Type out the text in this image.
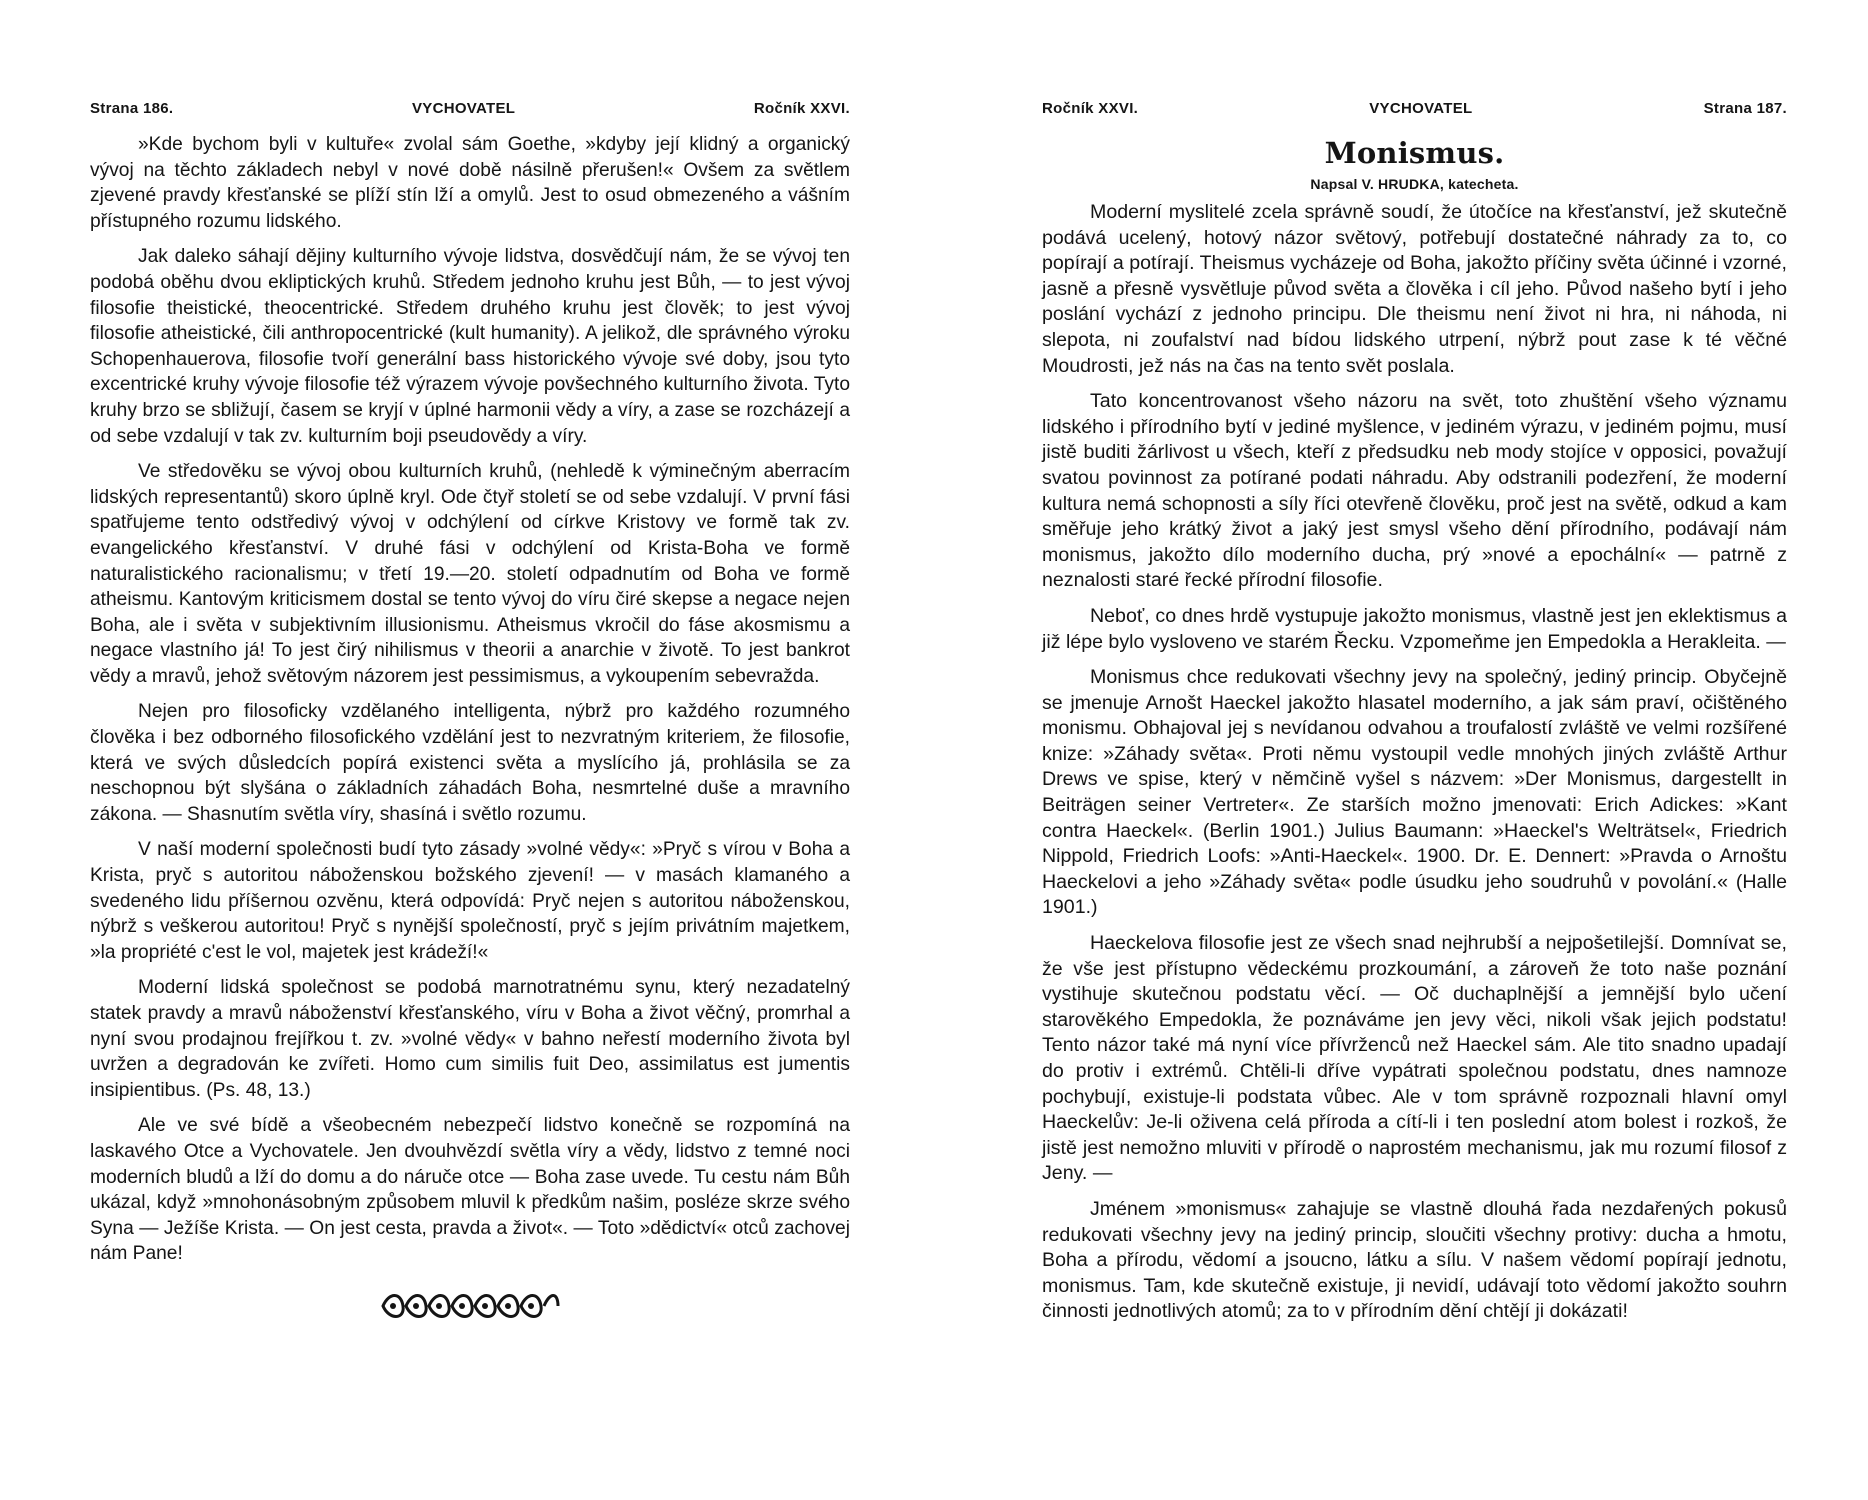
Strana 186.	VYCHOVATEL	Ročník XXVI.

»Kde bychom byli v kultuře« zvolal sám Goethe, »kdyby její klidný a organický vývoj na těchto základech nebyl v nové době násilně přerušen!« Ovšem za světlem zjevené pravdy křesťanské se plíží stín lží a omylů. Jest to osud obmezeného a vášním přístupného rozumu lidského.

Jak daleko sáhají dějiny kulturního vývoje lidstva, dosvědčují nám, že se vývoj ten podobá oběhu dvou ekliptických kruhů. Středem jednoho kruhu jest Bůh, — to jest vývoj filosofie theistické, theocentrické. Středem druhého kruhu jest člověk; to jest vývoj filosofie atheistické, čili anthropocentrické (kult humanity). A jelikož, dle správného výroku Schopenhauerova, filosofie tvoří generální bass historického vývoje své doby, jsou tyto excentrické kruhy vývoje filosofie též výrazem vývoje povšechného kulturního života. Tyto kruhy brzo se sbližují, časem se kryjí v úplné harmonii vědy a víry, a zase se rozcházejí a od sebe vzdalují v tak zv. kulturním boji pseudovědy a víry.

Ve středověku se vývoj obou kulturních kruhů, (nehledě k výminečným aberracím lidských representantů) skoro úplně kryl. Ode čtyř století se od sebe vzdalují. V první fási spatřujeme tento odstředivý vývoj v odchýlení od církve Kristovy ve formě tak zv. evangelického křesťanství. V druhé fási v odchýlení od Krista-Boha ve formě naturalistického racionalismu; v třetí 19.—20. století odpadnutím od Boha ve formě atheismu. Kantovým kriticismem dostal se tento vývoj do víru čiré skepse a negace nejen Boha, ale i světa v subjektivním illusionismu. Atheismus vkročil do fáse akosmismu a negace vlastního já! To jest čirý nihilismus v theorii a anarchie v životě. To jest bankrot vědy a mravů, jehož světovým názorem jest pessimismus, a vykoupením sebevražda.

Nejen pro filosoficky vzdělaného intelligenta, nýbrž pro každého rozumného člověka i bez odborného filosofického vzdělání jest to nezvratným kriteriem, že filosofie, která ve svých důsledcích popírá existenci světa a myslícího já, prohlásila se za neschopnou být slyšána o základních záhadách Boha, nesmrtelné duše a mravního zákona. — Shasnutím světla víry, shasíná i světlo rozumu.

V naší moderní společnosti budí tyto zásady »volné vědy«: »Pryč s vírou v Boha a Krista, pryč s autoritou náboženskou božského zjevení! — v masách klamaného a svedeného lidu příšernou ozvěnu, která odpovídá: Pryč nejen s autoritou náboženskou, nýbrž s veškerou autoritou! Pryč s nynější společností, pryč s jejím privátním majetkem, »la propriété c'est le vol, majetek jest krádeží!«

Moderní lidská společnost se podobá marnotratnému synu, který nezadatelný statek pravdy a mravů náboženství křesťanského, víru v Boha a život věčný, promrhal a nyní svou prodajnou frejířkou t. zv. »volné vědy« v bahno neřestí moderního života byl uvržen a degradován ke zvířeti. Homo cum similis fuit Deo, assimilatus est jumentis insipientibus. (Ps. 48, 13.)

Ale ve své bídě a všeobecném nebezpečí lidstvo konečně se rozpomíná na laskavého Otce a Vychovatele. Jen dvouhvězdí světla víry a vědy, lidstvo z temné noci moderních bludů a lží do domu a do náruče otce — Boha zase uvede. Tu cestu nám Bůh ukázal, když »mnohonásobným způsobem mluvil k předkům našim, posléze skrze svého Syna — Ježíše Krista. — On jest cesta, pravda a život«. — Toto »dědictví« otců zachovej nám Pane!

Ročník XXVI.	VYCHOVATEL	Strana 187.
Monismus.
Napsal V. HRUDKA, katecheta.

Moderní myslitelé zcela správně soudí, že útočíce na křesťanství, jež skutečně podává ucelený, hotový názor světový, potřebují dostatečné náhrady za to, co popírají a potírají. Theismus vycházeje od Boha, jakožto příčiny světa účinné i vzorné, jasně a přesně vysvětluje původ světa a člověka i cíl jeho. Původ našeho bytí i jeho poslání vychází z jednoho principu. Dle theismu není život ni hra, ni náhoda, ni slepota, ni zoufalství nad bídou lidského utrpení, nýbrž pout zase k té věčné Moudrosti, jež nás na čas na tento svět poslala.

Tato koncentrovanost všeho názoru na svět, toto zhuštění všeho významu lidského i přírodního bytí v jediné myšlence, v jediném výrazu, v jediném pojmu, musí jistě buditi žárlivost u všech, kteří z předsudku neb mody stojíce v opposici, považují svatou povinnost za potírané podati náhradu. Aby odstranili podezření, že moderní kultura nemá schopnosti a síly říci otevřeně člověku, proč jest na světě, odkud a kam směřuje jeho krátký život a jaký jest smysl všeho dění přírodního, podávají nám monismus, jakožto dílo moderního ducha, prý »nové a epochální« — patrně z neznalosti staré řecké přírodní filosofie.

Neboť, co dnes hrdě vystupuje jakožto monismus, vlastně jest jen eklektismus a již lépe bylo vysloveno ve starém Řecku. Vzpomeňme jen Empedokla a Herakleita. —

Monismus chce redukovati všechny jevy na společný, jediný princip. Obyčejně se jmenuje Arnošt Haeckel jakožto hlasatel moderního, a jak sám praví, očištěného monismu. Obhajoval jej s nevídanou odvahou a troufalostí zvláště ve velmi rozšířené knize: »Záhady světa«. Proti němu vystoupil vedle mnohých jiných zvláště Arthur Drews ve spise, který v němčině vyšel s názvem: »Der Monismus, dargestellt in Beiträgen seiner Vertreter«. Ze starších možno jmenovati: Erich Adickes: »Kant contra Haeckel«. (Berlin 1901.) Julius Baumann: »Haeckel's Welträtsel«, Friedrich Nippold, Friedrich Loofs: »Anti-Haeckel«. 1900. Dr. E. Dennert: »Pravda o Arnoštu Haeckelovi a jeho »Záhady světa« podle úsudku jeho soudruhů v povolání.« (Halle 1901.)

Haeckelova filosofie jest ze všech snad nejhrubší a nejpošetilejší. Domnívat se, že vše jest přístupno vědeckému prozkoumání, a zároveň že toto naše poznání vystihuje skutečnou podstatu věcí. — Oč duchaplnější a jemnější bylo učení starověkého Empedokla, že poznáváme jen jevy věci, nikoli však jejich podstatu! Tento názor také má nyní více přívrženců než Haeckel sám. Ale tito snadno upadají do protiv i extrémů. Chtěli-li dříve vypátrati společnou podstatu, dnes namnoze pochybují, existuje-li podstata vůbec. Ale v tom správně rozpoznali hlavní omyl Haeckelův: Je-li oživena celá příroda a cítí-li i ten poslední atom bolest i rozkoš, že jistě jest nemožno mluviti v přírodě o naprostém mechanismu, jak mu rozumí filosof z Jeny. —

Jménem »monismus« zahajuje se vlastně dlouhá řada nezdařených pokusů redukovati všechny jevy na jediný princip, sloučiti všechny protivy: ducha a hmotu, Boha a přírodu, vědomí a jsoucno, látku a sílu. V našem vědomí popírají jednotu, monismus. Tam, kde skutečně existuje, ji nevidí, udávají toto vědomí jakožto souhrn činnosti jednotlivých atomů; za to v přírodním dění chtějí ji dokázati!
